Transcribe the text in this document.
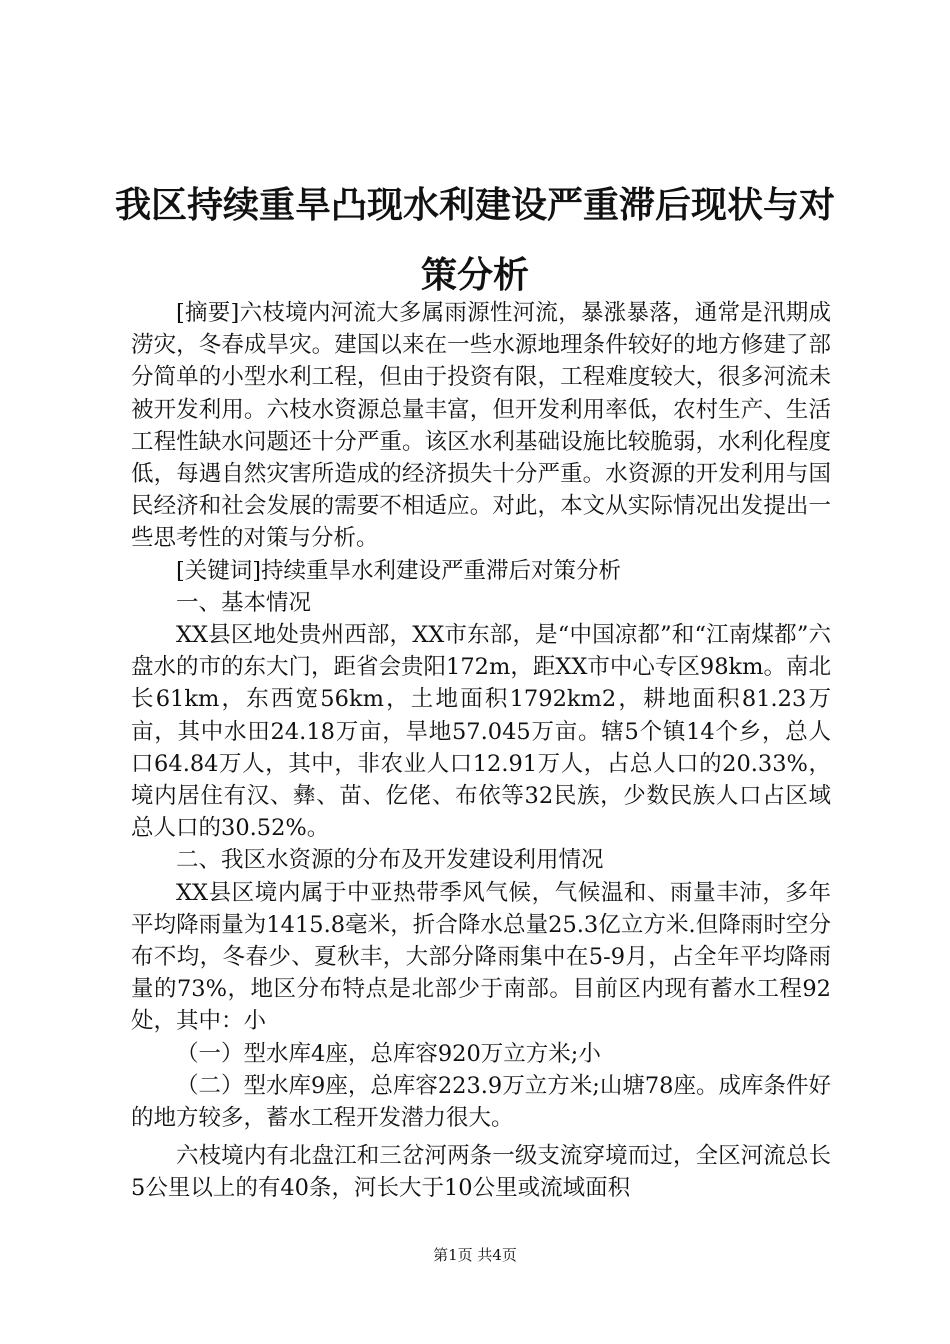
我区持续重旱凸现水利建设严重滞后现状与对策分析

[摘要]六枝境内河流大多属雨源性河流，暴涨暴落，通常是汛期成涝灾，冬春成旱灾。建国以来在一些水源地理条件较好的地方修建了部分简单的小型水利工程，但由于投资有限，工程难度较大，很多河流未被开发利用。六枝水资源总量丰富，但开发利用率低，农村生产、生活工程性缺水问题还十分严重。该区水利基础设施比较脆弱，水利化程度低，每遇自然灾害所造成的经济损失十分严重。水资源的开发利用与国民经济和社会发展的需要不相适应。对此，本文从实际情况出发提出一些思考性的对策与分析。

[关键词]持续重旱水利建设严重滞后对策分析

一、基本情况

XX县区地处贵州西部，XX市东部，是“中国凉都”和“江南煤都”六盘水的市的东大门，距省会贵阳172m，距XX市中心专区98km。南北长61km，东西宽56km，土地面积1792km2，耕地面积81.23万亩，其中水田24.18万亩，旱地57.045万亩。辖5个镇14个乡，总人口64.84万人，其中，非农业人口12.91万人，占总人口的20.33%，境内居住有汉、彝、苗、仡佬、布依等32民族，少数民族人口占区域总人口的30.52%。

二、我区水资源的分布及开发建设利用情况

XX县区境内属于中亚热带季风气候，气候温和、雨量丰沛，多年平均降雨量为1415.8毫米，折合降水总量25.3亿立方米.但降雨时空分布不均，冬春少、夏秋丰，大部分降雨集中在5-9月，占全年平均降雨量的73%，地区分布特点是北部少于南部。目前区内现有蓄水工程92处，其中：小

（一）型水库4座，总库容920万立方米;小

（二）型水库9座，总库容223.9万立方米;山塘78座。成库条件好的地方较多，蓄水工程开发潜力很大。

六枝境内有北盘江和三岔河两条一级支流穿境而过，全区河流总长5公里以上的有40条，河长大于10公里或流域面积

第1页 共4页
